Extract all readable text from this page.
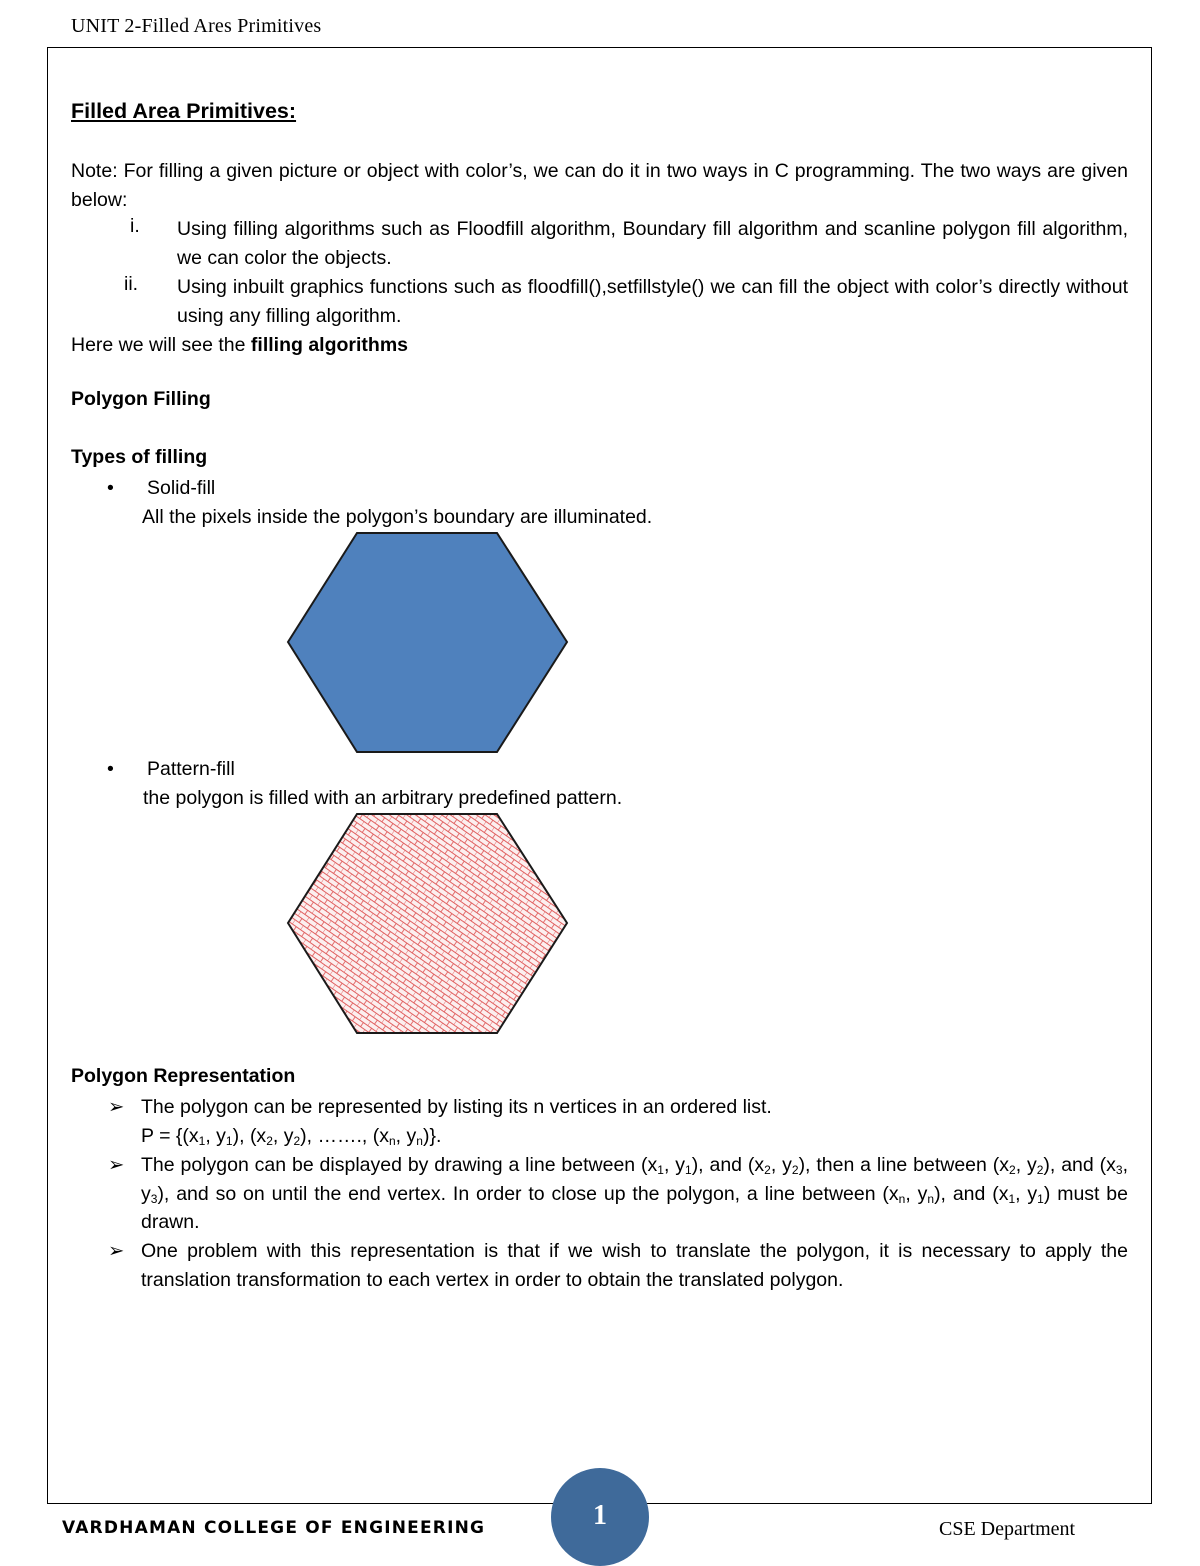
UNIT 2-Filled Ares Primitives
Filled Area Primitives:
Note: For filling a given picture or object with color’s, we can do it in two ways in C programming. The two ways are given below:
i. Using filling algorithms such as Floodfill algorithm, Boundary fill algorithm and scanline polygon fill algorithm, we can color the objects.
ii. Using inbuilt graphics functions such as floodfill(),setfillstyle() we can fill the object with color’s directly without using any filling algorithm.
Here we will see the filling algorithms
Polygon Filling
Types of filling
• Solid-fill
All the pixels inside the polygon’s boundary are illuminated.
• Pattern-fill
the polygon is filled with an arbitrary predefined pattern.
Polygon Representation
➢ The polygon can be represented by listing its n vertices in an ordered list.
$P = \{(x_1$, $y_1$), ($x_2$, $y_2$), ……., ($x_n$, $y_n$)}.
➢ The polygon can be displayed by drawing a line between ($x_1$, $y_1$), and ($x_2$, $y_2$), then a line between ($x_2$, $y_2$), and ($x_3$, $y_3$), and so on until the end vertex. In order to close up the polygon, a line between ($x_n$, $y_n$), and ($x_1$, $y_1$) must be drawn.
➢ One problem with this representation is that if we wish to translate the polygon, it is necessary to apply the translation transformation to each vertex in order to obtain the translated polygon.
VARDHAMAN COLLEGE OF ENGINEERING	1	CSE Department
